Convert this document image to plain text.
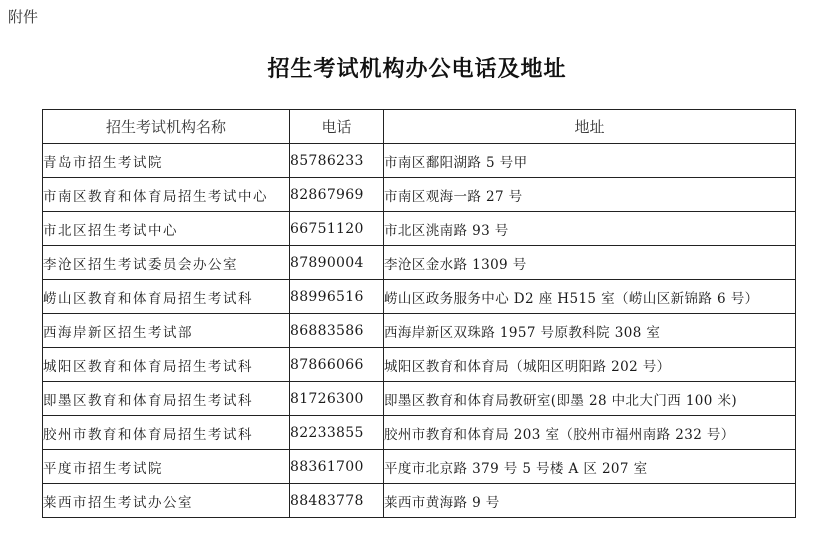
附件
招生考试机构办公电话及地址
招生考试机构名称	电话	地址
青岛市招生考试院	85786233	市南区鄱阳湖路 5 号甲
市南区教育和体育局招生考试中心	82867969	市南区观海一路 27 号
市北区招生考试中心	66751120	市北区洮南路 93 号
李沧区招生考试委员会办公室	87890004	李沧区金水路 1309 号
崂山区教育和体育局招生考试科	88996516	崂山区政务服务中心 D2 座 H515 室（崂山区新锦路 6 号）
西海岸新区招生考试部	86883586	西海岸新区双珠路 1957 号原教科院 308 室
城阳区教育和体育局招生考试科	87866066	城阳区教育和体育局（城阳区明阳路 202 号）
即墨区教育和体育局招生考试科	81726300	即墨区教育和体育局教研室(即墨 28 中北大门西 100 米)
胶州市教育和体育局招生考试科	82233855	胶州市教育和体育局 203 室（胶州市福州南路 232 号）
平度市招生考试院	88361700	平度市北京路 379 号 5 号楼 A 区 207 室
莱西市招生考试办公室	88483778	莱西市黄海路 9 号
